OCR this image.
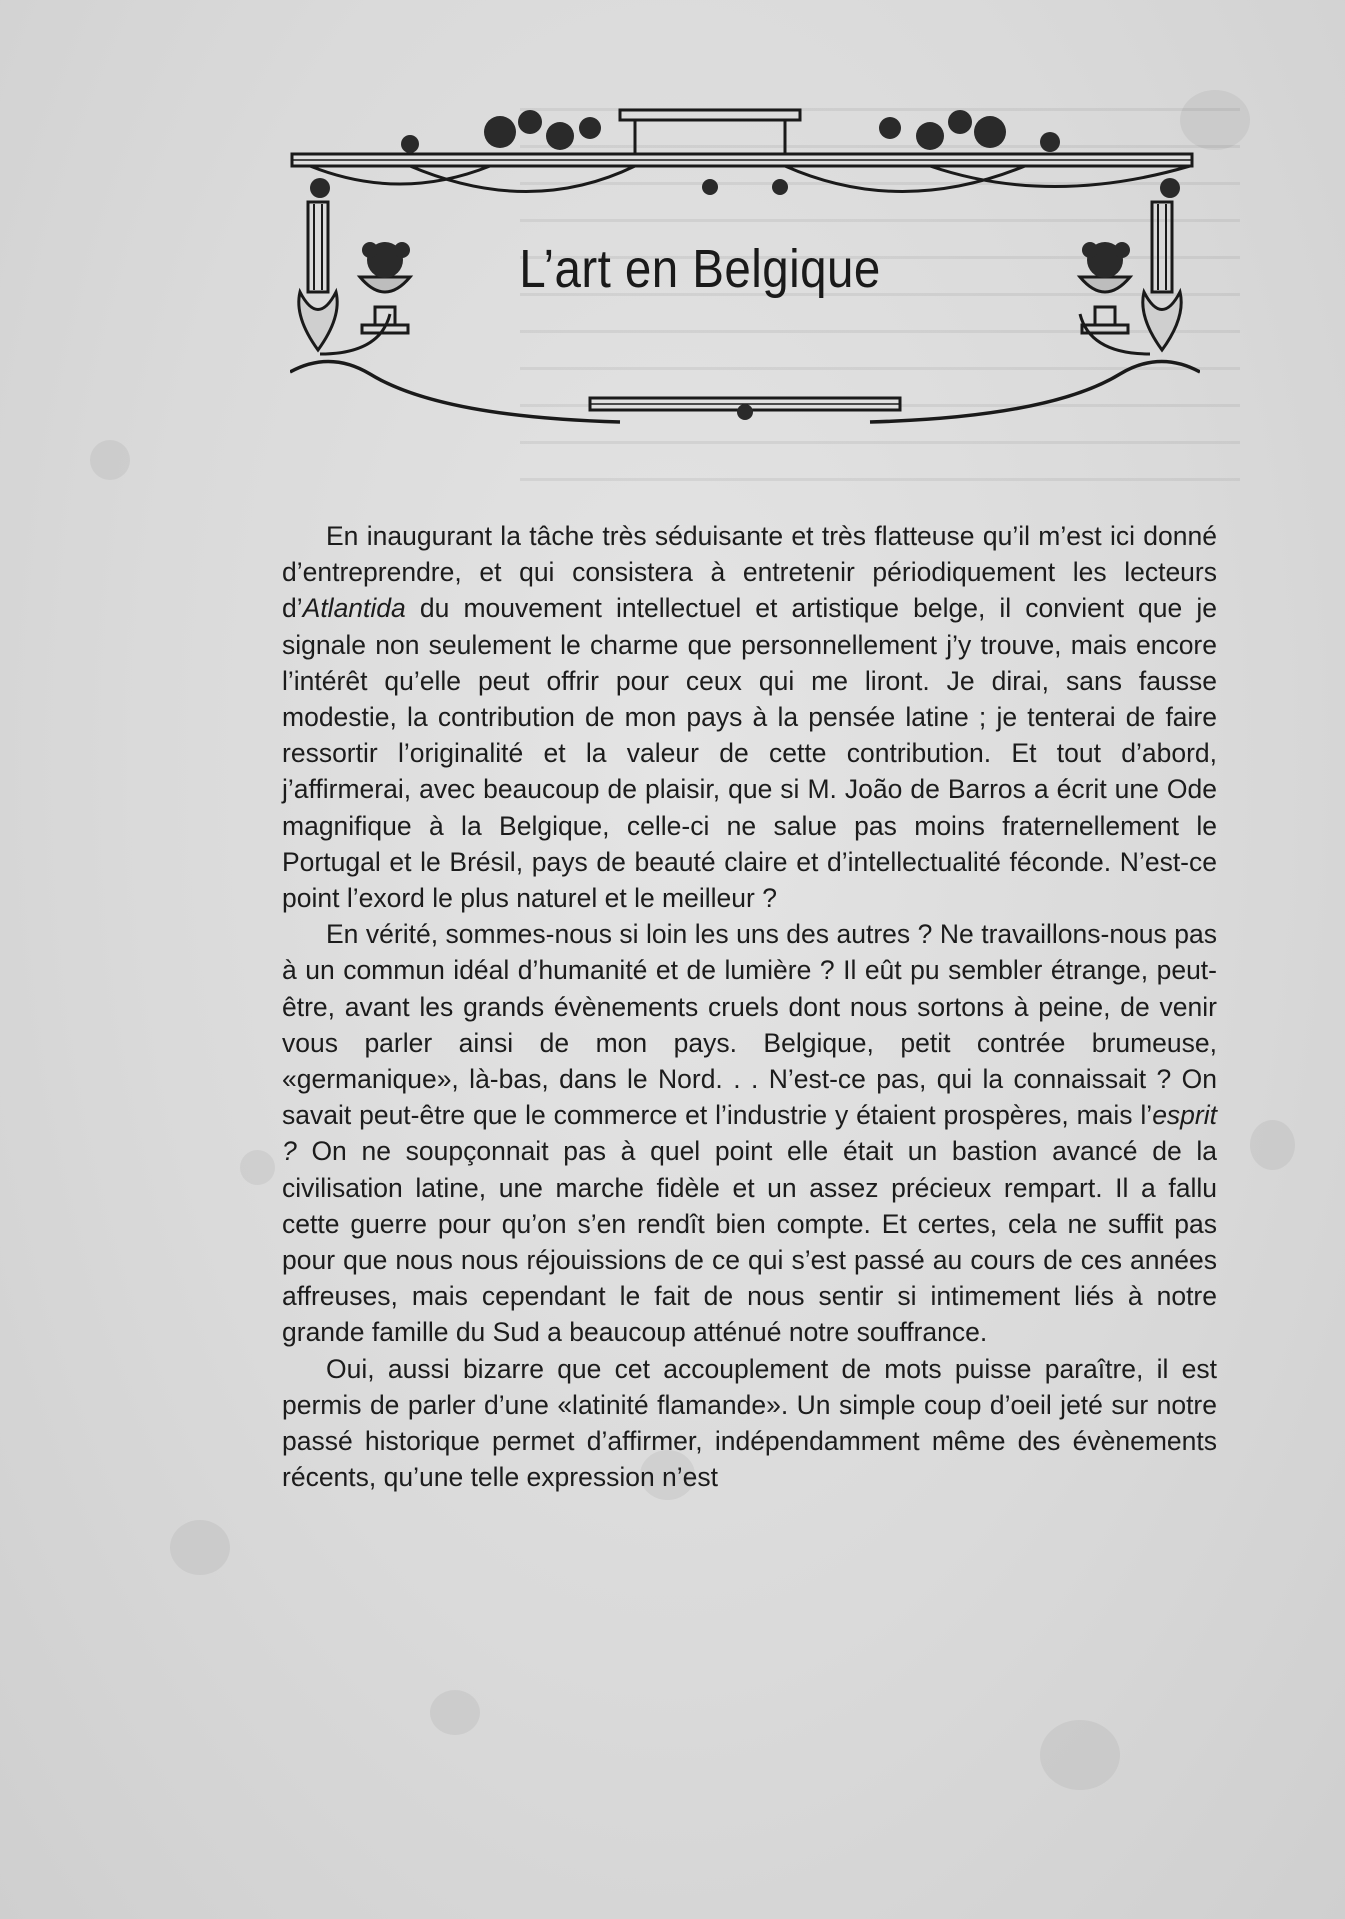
L’art en Belgique

En inaugurant la tâche très séduisante et très flatteuse qu’il m’est ici donné d’entreprendre, et qui consistera à entretenir périodiquement les lecteurs d’Atlantida du mouvement intellectuel et artistique belge, il convient que je signale non seulement le charme que personnellement j’y trouve, mais encore l’intérêt qu’elle peut offrir pour ceux qui me liront. Je dirai, sans fausse modestie, la contribution de mon pays à la pensée latine ; je tenterai de faire ressortir l’originalité et la valeur de cette contribution. Et tout d’abord, j’affirmerai, avec beaucoup de plaisir, que si M. João de Barros a écrit une Ode magnifique à la Belgique, celle-ci ne salue pas moins fraternellement le Portugal et le Brésil, pays de beauté claire et d’intellectualité féconde. N’est-ce point l’exord le plus naturel et le meilleur ?

En vérité, sommes-nous si loin les uns des autres ? Ne travaillons-nous pas à un commun idéal d’humanité et de lumière ? Il eût pu sembler étrange, peut-être, avant les grands évènements cruels dont nous sortons à peine, de venir vous parler ainsi de mon pays. Belgique, petit contrée brumeuse, «germanique», là-bas, dans le Nord. . . N’est-ce pas, qui la connaissait ? On savait peut-être que le commerce et l’industrie y étaient prospères, mais l’esprit ? On ne soupçonnait pas à quel point elle était un bastion avancé de la civilisation latine, une marche fidèle et un assez précieux rempart. Il a fallu cette guerre pour qu’on s’en rendît bien compte. Et certes, cela ne suffit pas pour que nous nous réjouissions de ce qui s’est passé au cours de ces années affreuses, mais cependant le fait de nous sentir si intimement liés à notre grande famille du Sud a beaucoup atténué notre souffrance.

Oui, aussi bizarre que cet accouplement de mots puisse paraître, il est permis de parler d’une «latinité flamande». Un simple coup d’oeil jeté sur notre passé historique permet d’affirmer, indépendamment même des évènements récents, qu’une telle expression n’est
